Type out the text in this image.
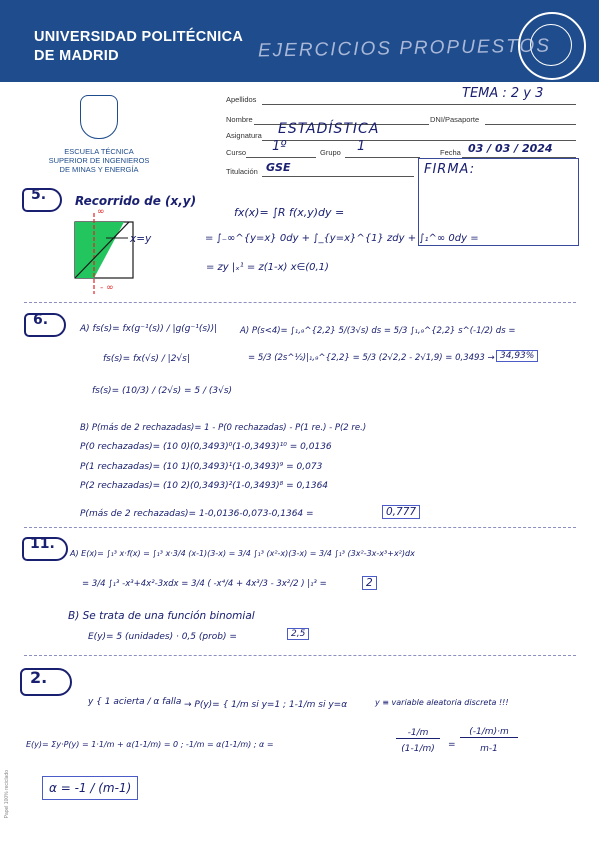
UNIVERSIDAD POLITÉCNICA
DE MADRID	EJERCICIOS PROPUESTOS
ESCUELA TÉCNICA
SUPERIOR DE INGENIEROS
DE MINAS Y ENERGÍA
Apellidos	TEMA : 2 y 3
Nombre	DNI/Pasaporte
Asignatura ESTADÍSTICA
Curso 1º	Grupo 1	Fecha 03 / 03 / 2024
Titulación GSE	FIRMA:
5. Recorrido de (x,y)
∞
- ∞
x=y
fx(x)= ∫R f(x,y)dy =
= ∫₋∞^{y=x} 0dy + ∫_{y=x}^{1} zdy + ∫₁^∞ 0dy =
= zy |ₓ¹ = z(1-x) x∈(0,1)
6.
A) fs(s)= fx(g⁻¹(s)) / |g(g⁻¹(s))|
fs(s)= fx(√s) / |2√s|
fs(s)= (10/3) / (2√s) = 5 / (3√s)
A) P(s<4)= ∫₁,₉^{2,2} 5/(3√s) ds = 5/3 ∫₁,₉^{2,2} s^(-1/2) ds =
= 5/3 (2s^½)|₁,₉^{2,2} = 5/3 (2√2,2 - 2√1,9) = 0,3493 → 34,93%
B) P(más de 2 rechazadas)= 1 - P(0 rechazadas) - P(1 re.) - P(2 re.)
P(0 rechazadas)= (10 0)(0,3493)⁰(1-0,3493)¹⁰ = 0,0136
P(1 rechazadas)= (10 1)(0,3493)¹(1-0,3493)⁹ = 0,073
P(2 rechazadas)= (10 2)(0,3493)²(1-0,3493)⁸ = 0,1364
P(más de 2 rechazadas)= 1-0,0136-0,073-0,1364 =	0,777
11.
A) E(x)= ∫₁³ x·f(x) = ∫₁³ x·3/4 (x-1)(3-x) = 3/4 ∫₁³ (x²-x)(3-x) = 3/4 ∫₁³ (3x²-3x-x³+x²)dx
= 3/4 ∫₁³ -x³+4x²-3xdx = 3/4 ( -x⁴/4 + 4x³/3 - 3x²/2 ) |₁³ =	2
B) Se trata de una función binomial
E(y)= 5 (unidades) · 0,5 (prob) =	2,5
2.
y { 1 acierta / α falla → P(y)= { 1/m si y=1 ; 1-1/m si y=α	y ≡ variable aleatoria discreta !!!
E(y)= Σy·P(y) = 1·1/m + α(1-1/m) = 0 ; -1/m = α(1-1/m) ; α =
-1/m
(1-1/m)	=
(-1/m)·m
m-1
α = -1 / (m-1)
Papel 100% reciclado
